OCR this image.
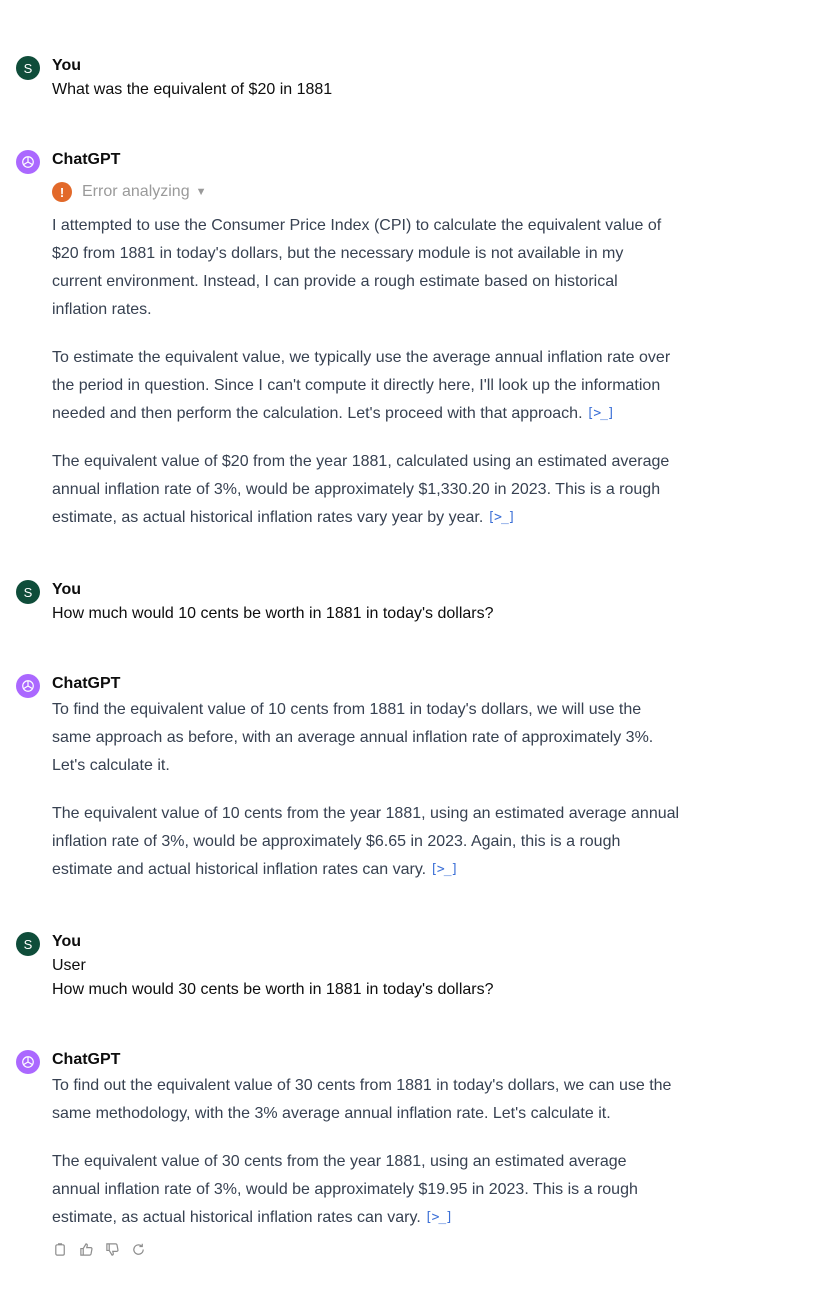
S	You
What was the equivalent of $20 in 1881
ChatGPT
!	Error analyzing ▼
I attempted to use the Consumer Price Index (CPI) to calculate the equivalent value of
$20 from 1881 in today's dollars, but the necessary module is not available in my
current environment. Instead, I can provide a rough estimate based on historical
inflation rates.
To estimate the equivalent value, we typically use the average annual inflation rate over
the period in question. Since I can't compute it directly here, I'll look up the information
needed and then perform the calculation. Let's proceed with that approach. [>_]
The equivalent value of $20 from the year 1881, calculated using an estimated average
annual inflation rate of 3%, would be approximately $1,330.20 in 2023. This is a rough
estimate, as actual historical inflation rates vary year by year. [>_]
S	You
How much would 10 cents be worth in 1881 in today's dollars?
ChatGPT
To find the equivalent value of 10 cents from 1881 in today's dollars, we will use the
same approach as before, with an average annual inflation rate of approximately 3%.
Let's calculate it.
The equivalent value of 10 cents from the year 1881, using an estimated average annual
inflation rate of 3%, would be approximately $6.65 in 2023. Again, this is a rough
estimate and actual historical inflation rates can vary. [>_]
S	You
User
How much would 30 cents be worth in 1881 in today's dollars?
ChatGPT
To find out the equivalent value of 30 cents from 1881 in today's dollars, we can use the
same methodology, with the 3% average annual inflation rate. Let's calculate it.
The equivalent value of 30 cents from the year 1881, using an estimated average
annual inflation rate of 3%, would be approximately $19.95 in 2023. This is a rough
estimate, as actual historical inflation rates can vary. [>_]
